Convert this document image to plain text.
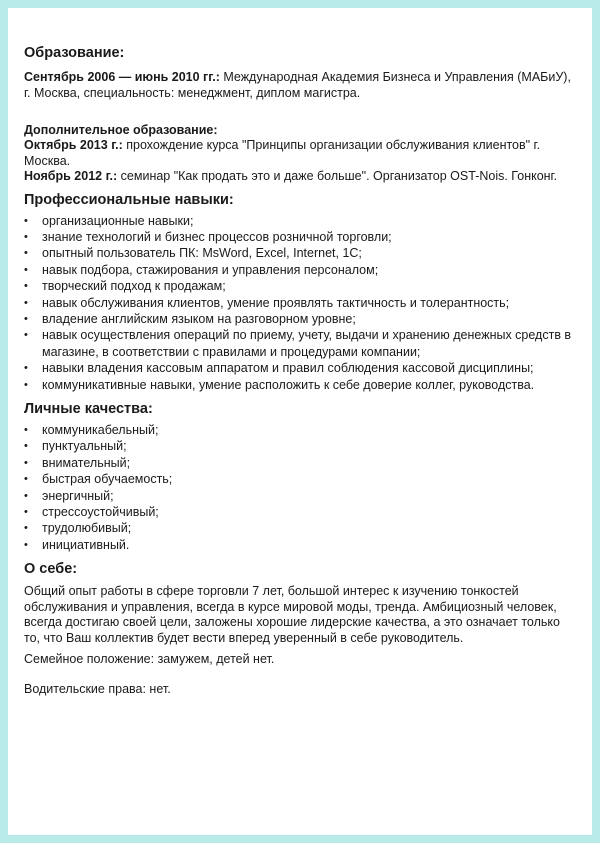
Образование:

Сентябрь 2006 — июнь 2010 гг.: Международная Академия Бизнеса и Управления (МАБиУ), г. Москва, специальность: менеджмент, диплом магистра.

Дополнительное образование:

Октябрь 2013 г.: прохождение курса "Принципы организации обслуживания клиентов" г. Москва.

Ноябрь 2012 г.: семинар "Как продать это и даже больше". Организатор OST-Nois. Гонконг.

Профессиональные навыки:
• организационные навыки;
• знание технологий и бизнес процессов розничной торговли;
• опытный пользователь ПК: MsWord, Excel, Internet, 1С;
• навык подбора, стажирования и управления персоналом;
• творческий подход к продажам;
• навык обслуживания клиентов, умение проявлять тактичность и толерантность;
• владение английским языком на разговорном уровне;
• навык осуществления операций по приему, учету, выдачи и хранению денежных средств в магазине, в соответствии с правилами и процедурами компании;
• навыки владения кассовым аппаратом и правил соблюдения кассовой дисциплины;
• коммуникативные навыки, умение расположить к себе доверие коллег, руководства.
Личные качества:
• коммуникабельный;
• пунктуальный;
• внимательный;
• быстрая обучаемость;
• энергичный;
• стрессоустойчивый;
• трудолюбивый;
• инициативный.
О себе:

Общий опыт работы в сфере торговли 7 лет, большой интерес к изучению тонкостей обслуживания и управления, всегда в курсе мировой моды, тренда. Амбициозный человек, всегда достигаю своей цели, заложены хорошие лидерские качества, а это означает только то, что Ваш коллектив будет вести вперед уверенный в себе руководитель.

Семейное положение: замужем, детей нет.

Водительские права: нет.
